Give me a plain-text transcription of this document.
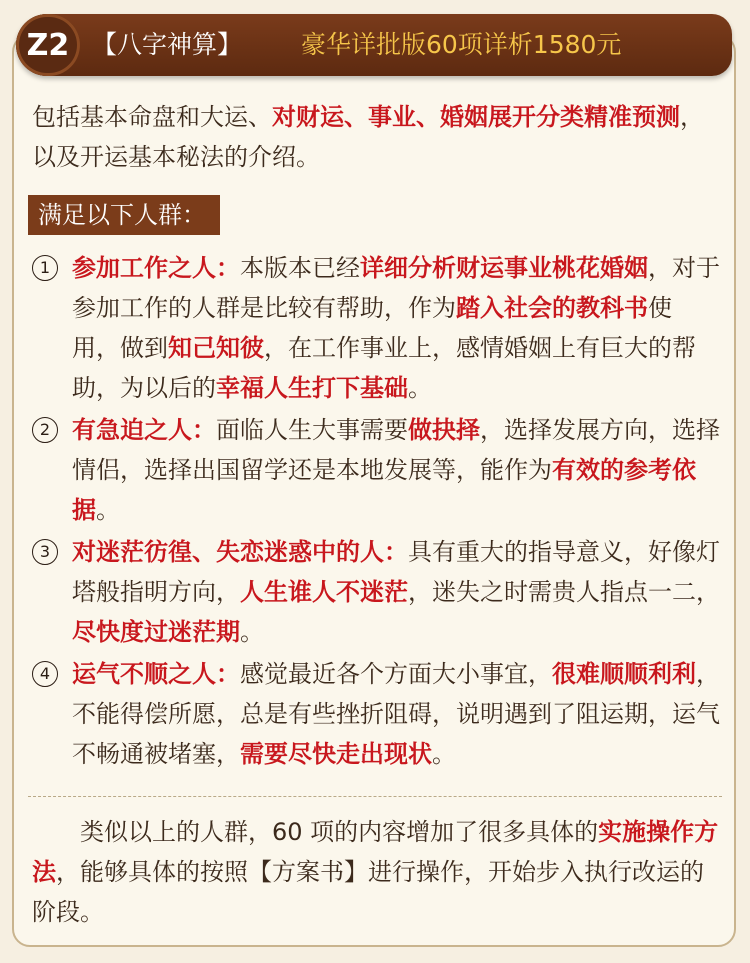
Z2 【八字神算】 豪华详批版60项详析1580元
包括基本命盘和大运、对财运、事业、婚姻展开分类精准预测，以及开运基本秘法的介绍。
满足以下人群：
1 参加工作之人：本版本已经详细分析财运事业桃花婚姻，对于参加工作的人群是比较有帮助，作为踏入社会的教科书使 用，做到知己知彼，在工作事业上，感情婚姻上有巨大的帮助，为以后的幸福人生打下基础。
2 有急迫之人：面临人生大事需要做抉择，选择发展方向，选择情侣，选择出国留学还是本地发展等，能作为有效的参考依据。
3 对迷茫彷徨、失恋迷惑中的人：具有重大的指导意义，好像灯塔般指明方向，人生谁人不迷茫，迷失之时需贵人指点一二，尽快度过迷茫期。
4 运气不顺之人：感觉最近各个方面大小事宜，很难顺顺利利，不能得偿所愿，总是有些挫折阻碍，说明遇到了阻运期，运气不畅通被堵塞，需要尽快走出现状。
类似以上的人群，60 项的内容增加了很多具体的实施操作方法，能够具体的按照【方案书】进行操作，开始步入执行改运的阶段。
